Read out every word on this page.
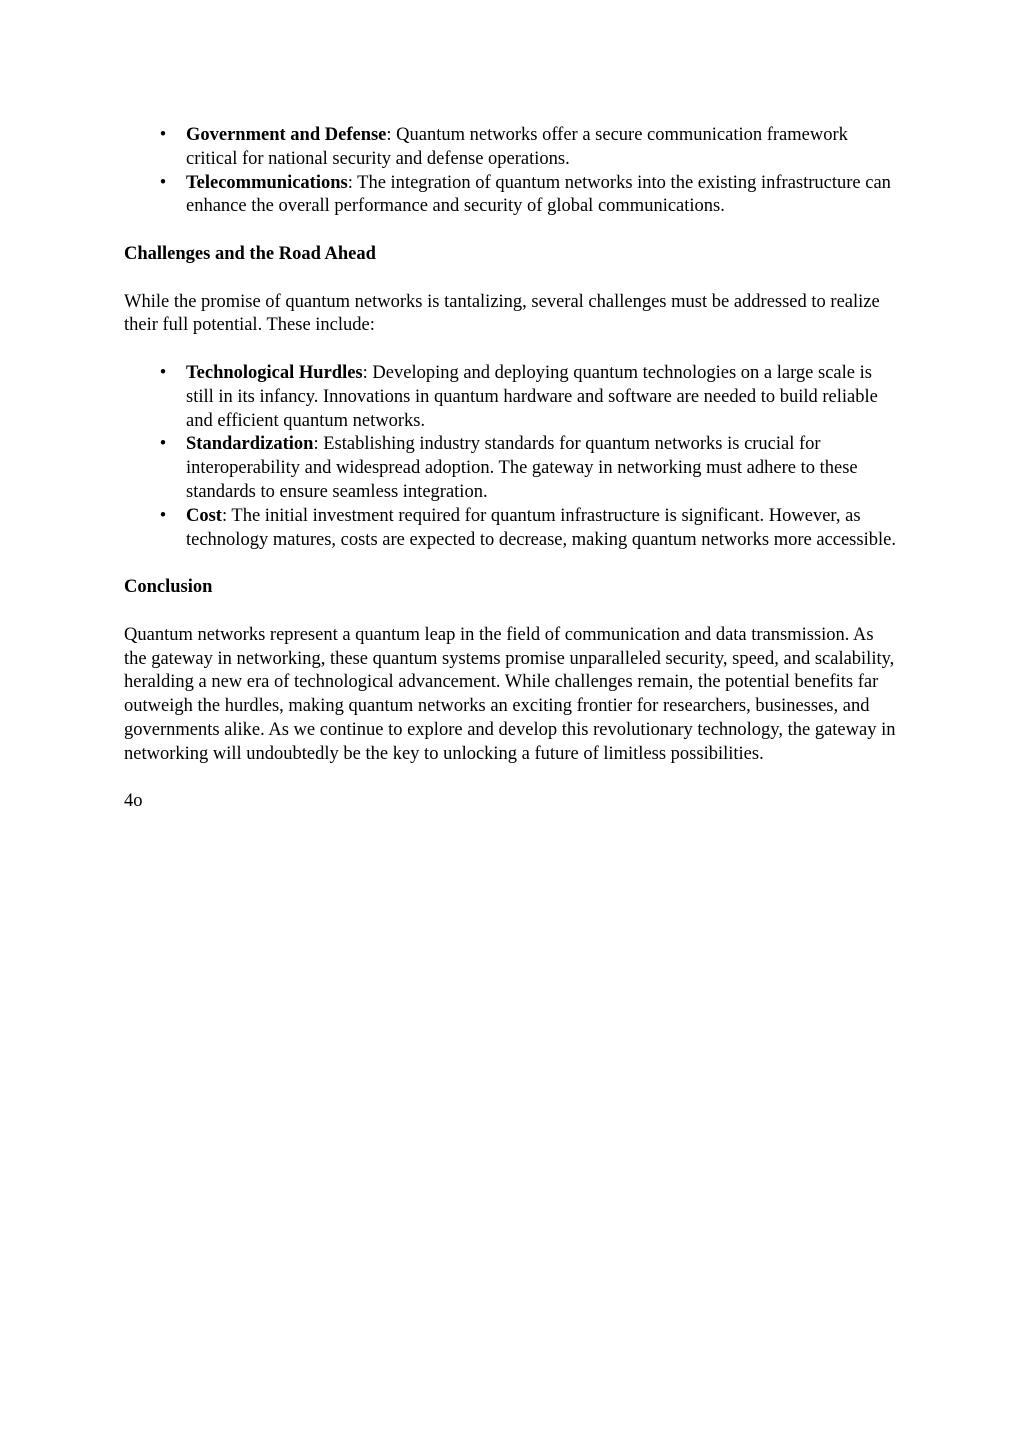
• Government and Defense: Quantum networks offer a secure communication framework critical for national security and defense operations.
• Telecommunications: The integration of quantum networks into the existing infrastructure can enhance the overall performance and security of global communications.

Challenges and the Road Ahead

While the promise of quantum networks is tantalizing, several challenges must be addressed to realize their full potential. These include:

• Technological Hurdles: Developing and deploying quantum technologies on a large scale is still in its infancy. Innovations in quantum hardware and software are needed to build reliable and efficient quantum networks.
• Standardization: Establishing industry standards for quantum networks is crucial for interoperability and widespread adoption. The gateway in networking must adhere to these standards to ensure seamless integration.
• Cost: The initial investment required for quantum infrastructure is significant. However, as technology matures, costs are expected to decrease, making quantum networks more accessible.

Conclusion

Quantum networks represent a quantum leap in the field of communication and data transmission. As the gateway in networking, these quantum systems promise unparalleled security, speed, and scalability, heralding a new era of technological advancement. While challenges remain, the potential benefits far outweigh the hurdles, making quantum networks an exciting frontier for researchers, businesses, and governments alike. As we continue to explore and develop this revolutionary technology, the gateway in networking will undoubtedly be the key to unlocking a future of limitless possibilities.

4o
